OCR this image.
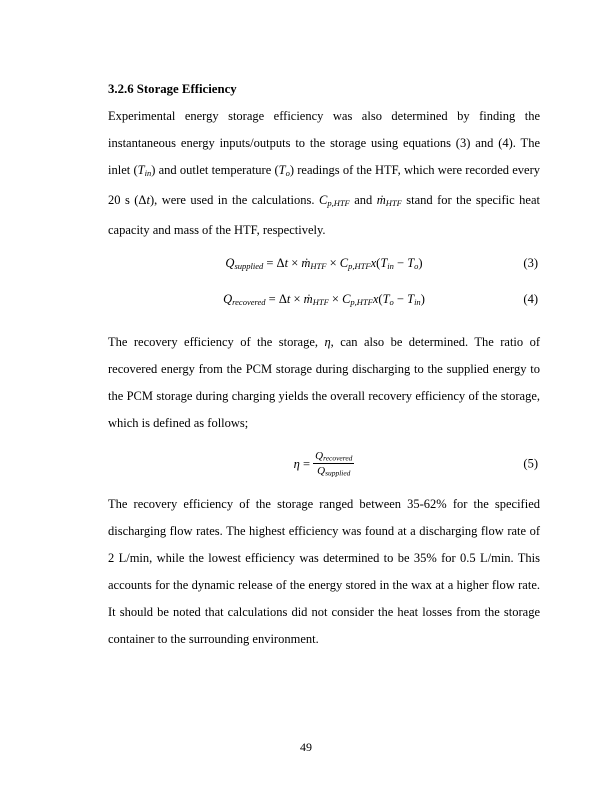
3.2.6 Storage Efficiency

Experimental energy storage efficiency was also determined by finding the instantaneous energy inputs/outputs to the storage using equations (3) and (4). The inlet (Tin) and outlet temperature (To) readings of the HTF, which were recorded every 20 s (Δt), were used in the calculations. Cp,HTF and ṁHTF stand for the specific heat capacity and mass of the HTF, respectively.

Qsupplied = Δt × ṁHTF × Cp,HTFx(Tin − To)	(3)
Qrecovered = Δt × ṁHTF × Cp,HTFx(To − Tin)	(4)

The recovery efficiency of the storage, η, can also be determined. The ratio of recovered energy from the PCM storage during discharging to the supplied energy to the PCM storage during charging yields the overall recovery efficiency of the storage, which is defined as follows;

$\eta = \frac{\text{Qrecovered}}{\text{Qsupplied}}$	(5)

The recovery efficiency of the storage ranged between 35-62% for the specified discharging flow rates. The highest efficiency was found at a discharging flow rate of 2 L/min, while the lowest efficiency was determined to be 35% for 0.5 L/min. This accounts for the dynamic release of the energy stored in the wax at a higher flow rate. It should be noted that calculations did not consider the heat losses from the storage container to the surrounding environment.

49
